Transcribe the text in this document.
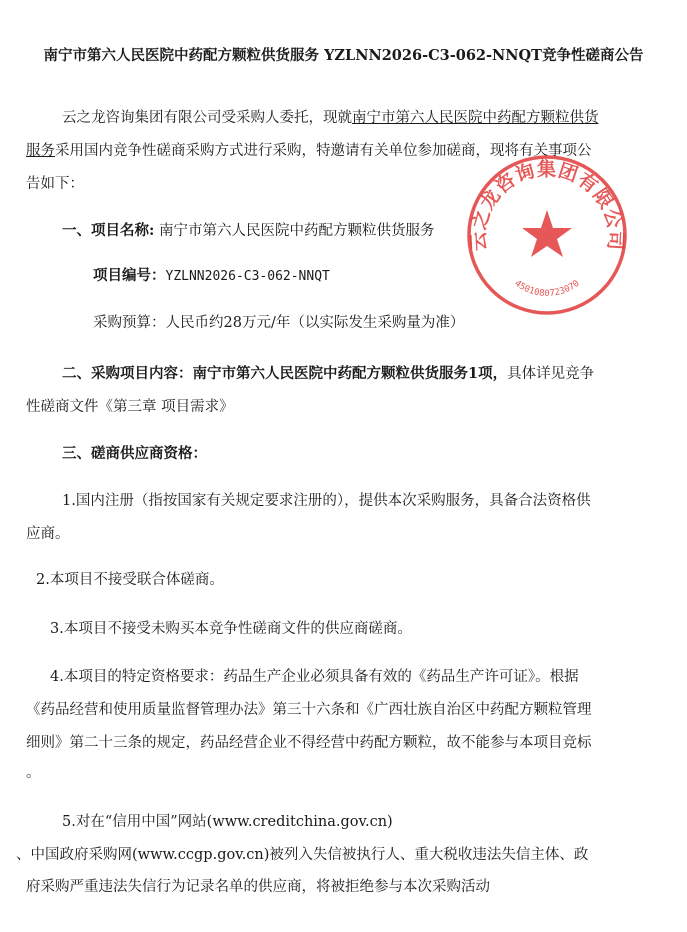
南宁市第六人民医院中药配方颗粒供货服务 YZLNN2026-C3-062-NNQT竞争性磋商公告
云之龙咨询集团有限公司受采购人委托，现就南宁市第六人民医院中药配方颗粒供货
服务采用国内竞争性磋商采购方式进行采购，特邀请有关单位参加磋商，现将有关事项公
告如下：
一、项目名称: 南宁市第六人民医院中药配方颗粒供货服务
项目编号：YZLNN2026-C3-062-NNQT
采购预算：人民币约28万元/年（以实际发生采购量为准）
二、采购项目内容：南宁市第六人民医院中药配方颗粒供货服务1项，具体详见竞争
性磋商文件《第三章 项目需求》
三、磋商供应商资格：
1.国内注册（指按国家有关规定要求注册的），提供本次采购服务，具备合法资格供
应商。
2.本项目不接受联合体磋商。
3.本项目不接受未购买本竞争性磋商文件的供应商磋商。
4.本项目的特定资格要求：药品生产企业必须具备有效的《药品生产许可证》。根据
《药品经营和使用质量监督管理办法》第三十六条和《广西壮族自治区中药配方颗粒管理
细则》第二十三条的规定，药品经营企业不得经营中药配方颗粒，故不能参与本项目竞标
。
5.对在“信用中国”网站(www.creditchina.gov.cn)
、中国政府采购网(www.ccgp.gov.cn)被列入失信被执行人、重大税收违法失信主体、政
府采购严重违法失信行为记录名单的供应商，将被拒绝参与本次采购活动
云之龙咨询集团有限公司
4501080723070
